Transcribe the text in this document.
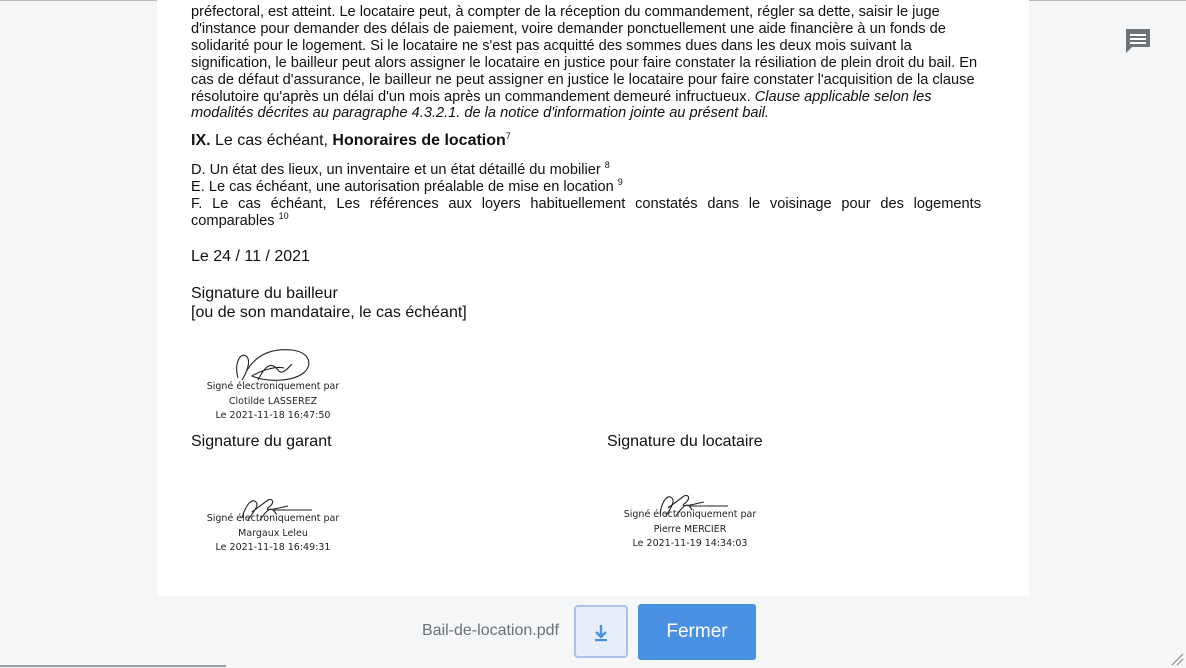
préfectoral, est atteint. Le locataire peut, à compter de la réception du commandement, régler sa dette, saisir le juge

d'instance pour demander des délais de paiement, voire demander ponctuellement une aide financière à un fonds de

solidarité pour le logement. Si le locataire ne s'est pas acquitté des sommes dues dans les deux mois suivant la

signification, le bailleur peut alors assigner le locataire en justice pour faire constater la résiliation de plein droit du bail. En

cas de défaut d'assurance, le bailleur ne peut assigner en justice le locataire pour faire constater l'acquisition de la clause

résolutoire qu'après un délai d'un mois après un commandement demeuré infructueux. Clause applicable selon les

modalités décrites au paragraphe 4.3.2.1. de la notice d'information jointe au présent bail.

IX. Le cas échéant, Honoraires de location$^7$
D. Un état des lieux, un inventaire et un état détaillé du mobilier $^8$
E. Le cas échéant, une autorisation préalable de mise en location $^9$
F. Le cas échéant, Les références aux loyers habituellement constatés dans le voisinage pour des logements
comparables $^{10}$
Le 24 / 11 / 2021
Signature du bailleur
[ou de son mandataire, le cas échéant]
Signé électroniquement par
Clotilde LASSEREZ
Le 2021-11-18 16:47:50
Signature du garant	Signature du locataire
Signé électroniquement par
Margaux Leleu
Le 2021-11-18 16:49:31
Signé électroniquement par
Pierre MERCIER
Le 2021-11-19 14:34:03
Bail-de-location.pdf	Fermer
